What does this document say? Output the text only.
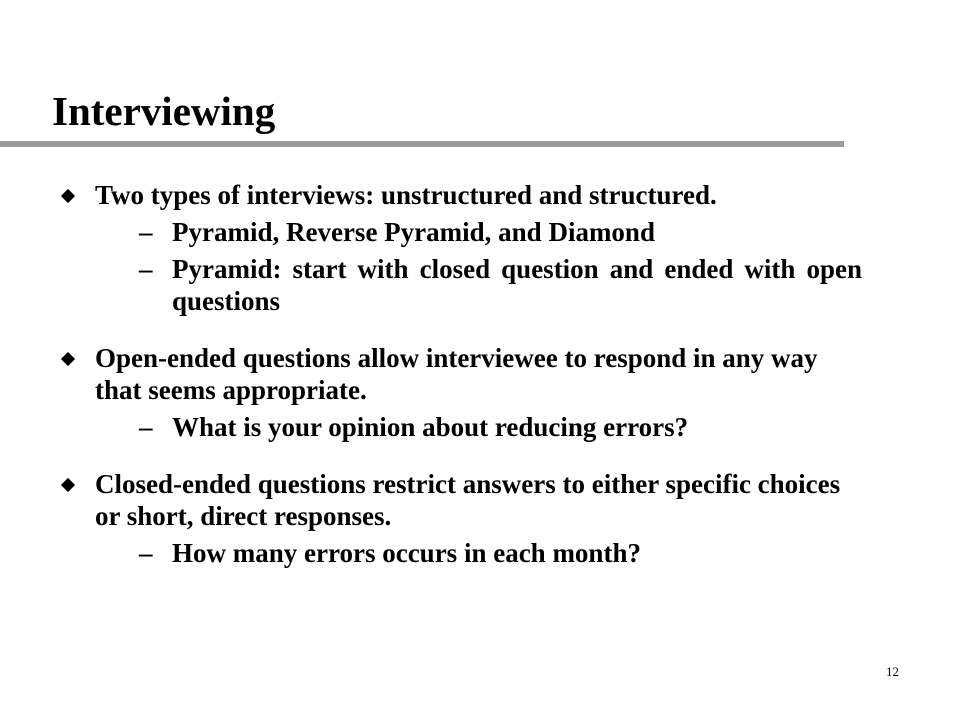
Interviewing
Two types of interviews: unstructured and structured.
– Pyramid, Reverse Pyramid, and Diamond
– Pyramid: start with closed question and ended with open questions
Open-ended questions allow interviewee to respond in any way that seems appropriate.
– What is your opinion about reducing errors?
Closed-ended questions restrict answers to either specific choices or short, direct responses.
– How many errors occurs in each month?
12
